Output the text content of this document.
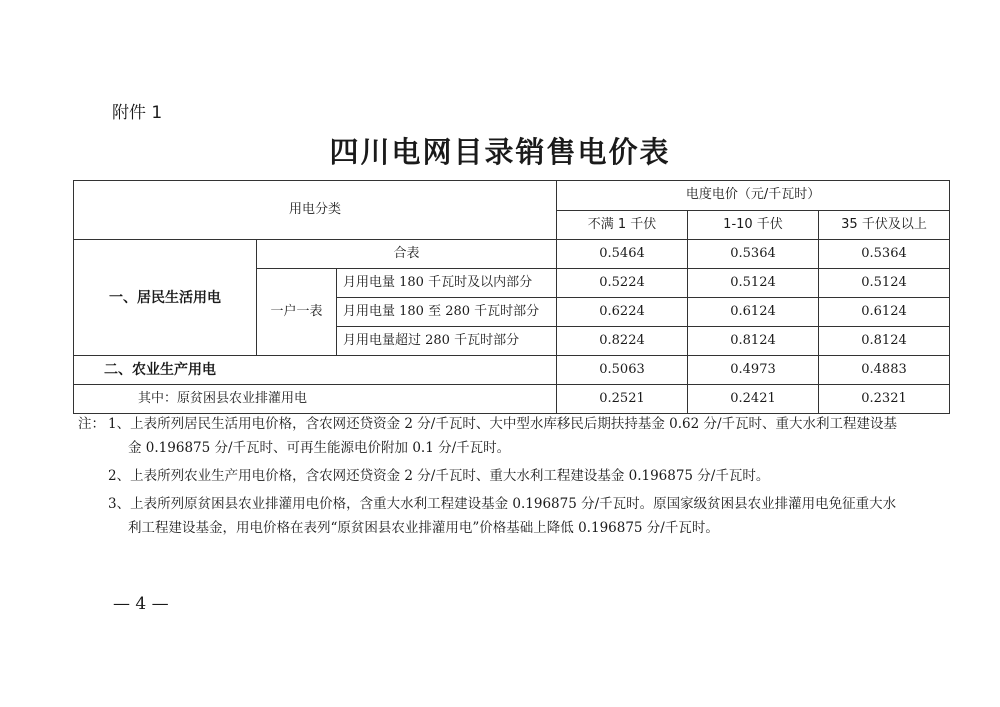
附件 1
四川电网目录销售电价表
用电分类			电度电价（元/千瓦时）		
			不满 1 千伏	1-10 千伏	35 千伏及以上
一、居民生活用电	合表		0.5464	0.5364	0.5364
	一户一表	月用电量 180 千瓦时及以内部分	0.5224	0.5124	0.5124
		月用电量 180 至 280 千瓦时部分	0.6224	0.6124	0.6124
		月用电量超过 280 千瓦时部分	0.8224	0.8124	0.8124
二、农业生产用电			0.5063	0.4973	0.4883
其中：原贫困县农业排灌用电			0.2521	0.2421	0.2321
注： 1、上表所列居民生活用电价格，含农网还贷资金 2 分/千瓦时、大中型水库移民后期扶持基金 0.62 分/千瓦时、重大水利工程建设基
金 0.196875 分/千瓦时、可再生能源电价附加 0.1 分/千瓦时。
2、上表所列农业生产用电价格，含农网还贷资金 2 分/千瓦时、重大水利工程建设基金 0.196875 分/千瓦时。
3、上表所列原贫困县农业排灌用电价格，含重大水利工程建设基金 0.196875 分/千瓦时。原国家级贫困县农业排灌用电免征重大水
利工程建设基金，用电价格在表列“原贫困县农业排灌用电”价格基础上降低 0.196875 分/千瓦时。
— 4 —
